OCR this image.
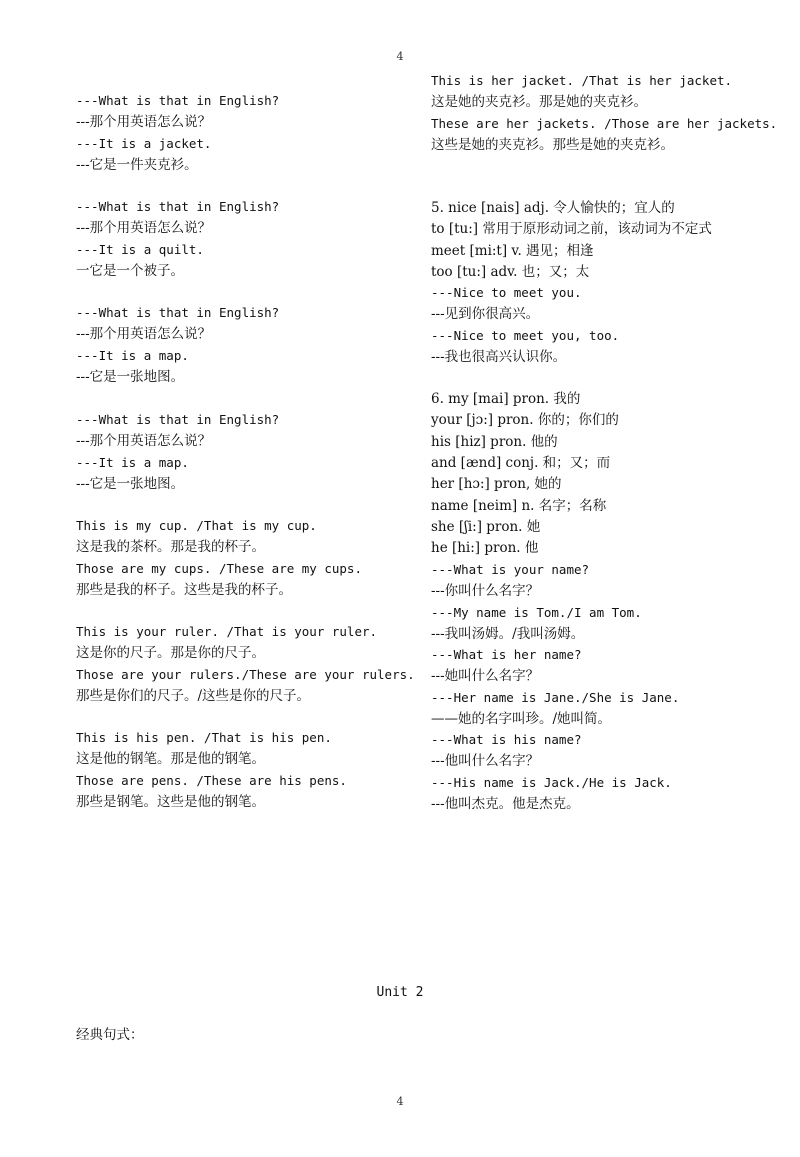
4
---What is that in English?
---那个用英语怎么说？
---It is a jacket.
---它是一件夹克衫。
---What is that in English?
---那个用英语怎么说？
---It is a quilt.
一它是一个被子。
---What is that in English?
---那个用英语怎么说？
---It is a map.
---它是一张地图。
---What is that in English?
---那个用英语怎么说？
---It is a map.
---它是一张地图。
This is my cup. /That is my cup.
这是我的茶杯。那是我的杯子。
Those are my cups. /These are my cups.
那些是我的杯子。这些是我的杯子。
This is your ruler. /That is your ruler.
这是你的尺子。那是你的尺子。
Those are your rulers./These are your rulers.
那些是你们的尺子。/这些是你的尺子。
This is his pen. /That is his pen.
这是他的钢笔。那是他的钢笔。
Those are pens. /These are his pens.
那些是钢笔。这些是他的钢笔。
This is her jacket. /That is her jacket.
这是她的夹克衫。那是她的夹克衫。
These are her jackets. /Those are her jackets.
这些是她的夹克衫。那些是她的夹克衫。
5. nice [nais] adj. 令人愉快的；宜人的
to [tu:] 常用于原形动词之前，该动词为不定式
meet [mi:t] v. 遇见；相逢
too [tu:] adv. 也；又；太
---Nice to meet you.
---见到你很高兴。
---Nice to meet you, too.
---我也很高兴认识你。
6. my [mai] pron. 我的
your [jɔ:] pron. 你的；你们的
his [hiz] pron. 他的
and [ænd] conj. 和；又；而
her [hɔ:] pron, 她的
name [neim] n. 名字；名称
she [ʃi:] pron. 她
he [hi:] pron. 他
---What is your name?
---你叫什么名字？
---My name is Tom./I am Tom.
---我叫汤姆。/我叫汤姆。
---What is her name?
---她叫什么名字？
---Her name is Jane./She is Jane.
——她的名字叫珍。/她叫简。
---What is his name?
---他叫什么名字？
---His name is Jack./He is Jack.
---他叫杰克。他是杰克。
Unit 2
经典句式：
4
